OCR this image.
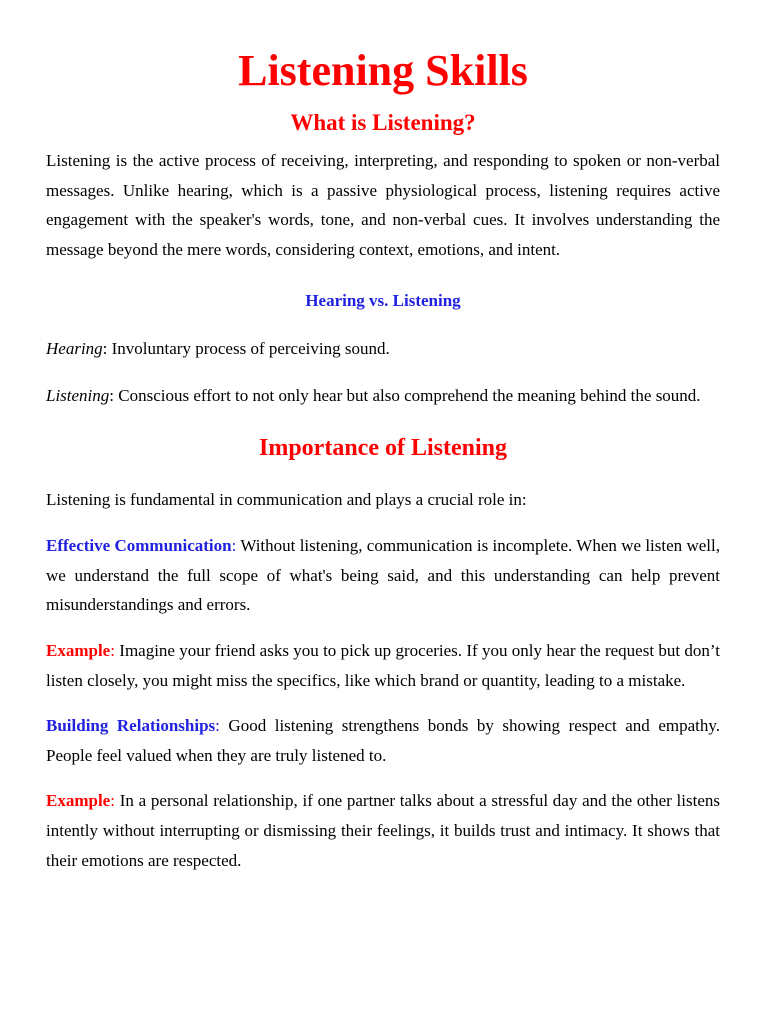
Listening Skills
What is Listening?

Listening is the active process of receiving, interpreting, and responding to spoken or non-verbal messages. Unlike hearing, which is a passive physiological process, listening requires active engagement with the speaker's words, tone, and non-verbal cues. It involves understanding the message beyond the mere words, considering context, emotions, and intent.

Hearing vs. Listening

Hearing: Involuntary process of perceiving sound.

Listening: Conscious effort to not only hear but also comprehend the meaning behind the sound.

Importance of Listening

Listening is fundamental in communication and plays a crucial role in:

Effective Communication: Without listening, communication is incomplete. When we listen well, we understand the full scope of what's being said, and this understanding can help prevent misunderstandings and errors.

Example: Imagine your friend asks you to pick up groceries. If you only hear the request but don’t listen closely, you might miss the specifics, like which brand or quantity, leading to a mistake.

Building Relationships: Good listening strengthens bonds by showing respect and empathy. People feel valued when they are truly listened to.

Example: In a personal relationship, if one partner talks about a stressful day and the other listens intently without interrupting or dismissing their feelings, it builds trust and intimacy. It shows that their emotions are respected.
